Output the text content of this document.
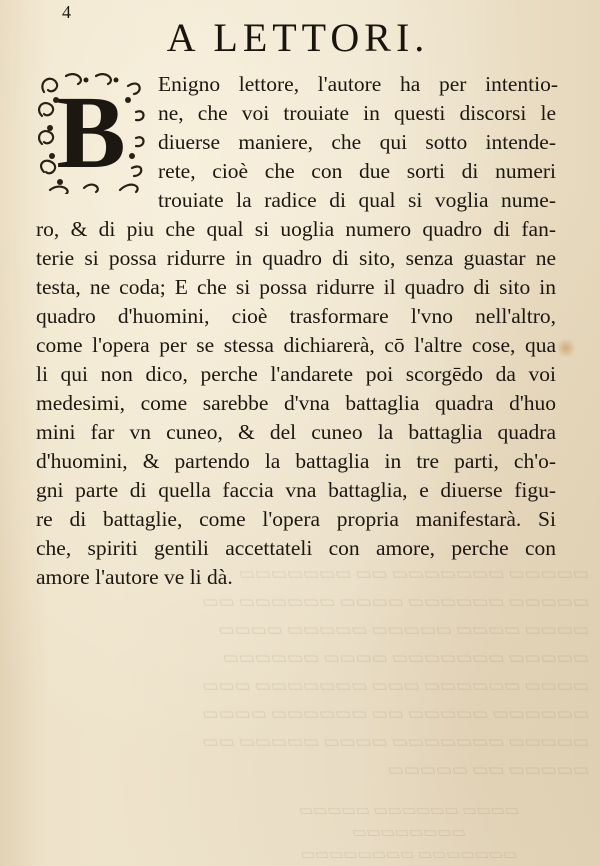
4
A LETTORI.
B	Enigno lettore, l'autore ha per intentio-
ne, che voi trouiate in questi discorsi le
diuerse maniere, che qui sotto intende-
rete, cioè che con due sorti di numeri
trouiate la radice di qual si voglia nume-
ro, & di piu che qual si uoglia numero quadro di fan-
terie si possa ridurre in quadro di sito, senza guastar ne
testa, ne coda; E che si possa ridurre il quadro di sito in
quadro d'huomini, cioè trasformare l'vno nell'altro,
come l'opera per se stessa dichiarerà, cō l'altre cose, qua
li qui non dico, perche l'andarete poi scorgēdo da voi
medesimi, come sarebbe d'vna battaglia quadra d'huo
mini far vn cuneo, & del cuneo la battaglia quadra
d'huomini, & partendo la battaglia in tre parti, ch'o-
gni parte di quella faccia vna battaglia, e diuerse figu-
re di battaglie, come l'opera propria manifestarà. Si
che, spiriti gentili accettateli con amore, perche con
amore l'autore ve li dà. ▭▭▭▭▭ ▭▭▭▭▭▭▭ ▭▭ ▭▭▭▭▭▭▭
▭▭▭▭▭ ▭▭▭▭▭▭ ▭▭▭▭ ▭▭▭▭▭▭ ▭▭
▭▭▭▭ ▭▭▭▭ ▭▭▭▭▭ ▭▭▭▭▭ ▭▭▭▭
▭▭▭▭▭ ▭▭▭▭▭▭▭ ▭▭▭▭ ▭▭▭▭▭▭
▭▭▭▭ ▭▭▭▭▭▭ ▭▭▭ ▭▭▭▭▭▭▭ ▭▭▭
▭▭▭▭▭▭ ▭▭▭▭▭ ▭▭ ▭▭▭▭▭▭ ▭▭▭▭
▭▭▭▭▭ ▭▭▭▭▭▭▭ ▭▭▭▭ ▭▭▭▭▭ ▭▭
▭▭▭▭▭ ▭▭ ▭▭▭▭▭
▭▭▭▭ ▭▭▭▭▭▭ ▭▭▭▭▭ ▭▭▭▭▭▭▭▭
▭▭▭▭▭▭▭ ▭▭▭▭▭▭▭▭
